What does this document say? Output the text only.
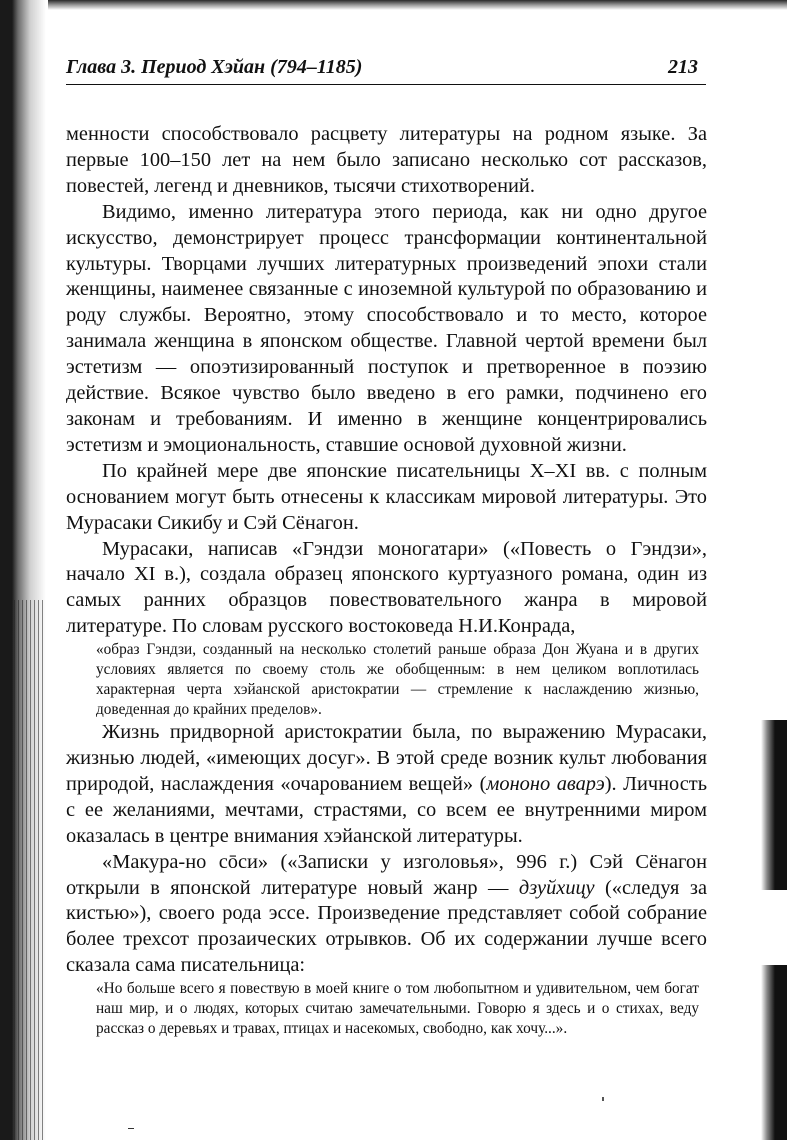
Глава 3. Период Хэйан (794–1185)	213

менности способствовало расцвету литературы на родном языке. За первые 100–150 лет на нем было записано несколько сот рассказов, повестей, легенд и дневников, тысячи стихотворений.

Видимо, именно литература этого периода, как ни одно другое искусство, демонстрирует процесс трансформации континентальной культуры. Творцами лучших литературных произведений эпохи стали женщины, наименее связанные с иноземной культурой по образованию и роду службы. Вероятно, этому способствовало и то место, которое занимала женщина в японском обществе. Главной чертой времени был эстетизм — опоэтизированный поступок и претворенное в поэзию действие. Всякое чувство было введено в его рамки, подчинено его законам и требованиям. И именно в женщине концентрировались эстетизм и эмоциональность, ставшие основой духовной жизни.

По крайней мере две японские писательницы X–XI вв. с полным основанием могут быть отнесены к классикам мировой литературы. Это Мурасаки Сикибу и Сэй Сёнагон.

Мурасаки, написав «Гэндзи моногатари» («Повесть о Гэндзи», начало XI в.), создала образец японского куртуазного романа, один из самых ранних образцов повествовательного жанра в мировой литературе. По словам русского востоковеда Н.И.Конрада,

«образ Гэндзи, созданный на несколько столетий раньше образа Дон Жуана и в других условиях является по своему столь же обобщенным: в нем целиком воплотилась характерная черта хэйанской аристократии — стремление к наслаждению жизнью, доведенная до крайних пределов».

Жизнь придворной аристократии была, по выражению Мурасаки, жизнью людей, «имеющих досуг». В этой среде возник культ любования природой, наслаждения «очарованием вещей» (мононо аварэ). Личность с ее желаниями, мечтами, страстями, со всем ее внутренними миром оказалась в центре внимания хэйанской литературы.

«Макура-но сōси» («Записки у изголовья», 996 г.) Сэй Сёнагон открыли в японской литературе новый жанр — дзуйхицу («следуя за кистью»), своего рода эссе. Произведение представляет собой собрание более трехсот прозаических отрывков. Об их содержании лучше всего сказала сама писательница:

«Но больше всего я повествую в моей книге о том любопытном и удивительном, чем богат наш мир, и о людях, которых считаю замечательными. Говорю я здесь и о стихах, веду рассказ о деревьях и травах, птицах и насекомых, свободно, как хочу...».
